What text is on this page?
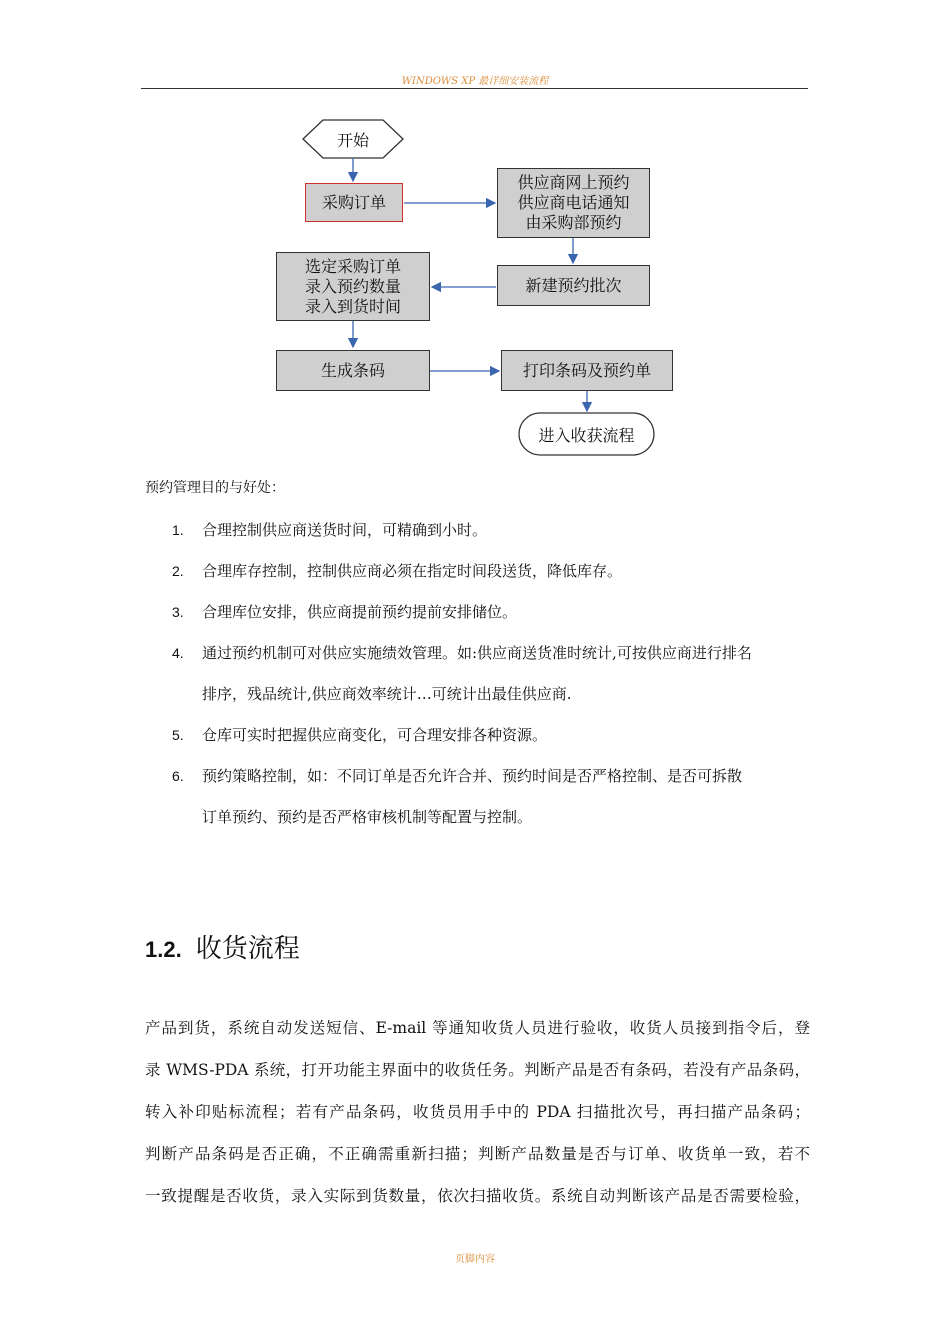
WINDOWS XP 最详细安装流程
开始
采购订单
供应商网上预约
供应商电话通知
由采购部预约
新建预约批次
选定采购订单
录入预约数量
录入到货时间
生成条码	打印条码及预约单
进入收获流程
预约管理目的与好处：
1. 合理控制供应商送货时间，可精确到小时。
2. 合理库存控制，控制供应商必须在指定时间段送货，降低库存。
3. 合理库位安排，供应商提前预约提前安排储位。
4. 通过预约机制可对供应实施绩效管理。如:供应商送货准时统计,可按供应商进行排名
排序，残品统计,供应商效率统计…可统计出最佳供应商.
5. 仓库可实时把握供应商变化，可合理安排各种资源。
6. 预约策略控制，如：不同订单是否允许合并、预约时间是否严格控制、是否可拆散
订单预约、预约是否严格审核机制等配置与控制。
1.2. 收货流程
产品到货，系统自动发送短信、E-mail 等通知收货人员进行验收，收货人员接到指令后，登
录 WMS-PDA 系统，打开功能主界面中的收货任务。判断产品是否有条码，若没有产品条码，
转入补印贴标流程；若有产品条码，收货员用手中的 PDA 扫描批次号，再扫描产品条码；
判断产品条码是否正确，不正确需重新扫描；判断产品数量是否与订单、收货单一致，若不
一致提醒是否收货，录入实际到货数量，依次扫描收货。系统自动判断该产品是否需要检验，
页脚内容
